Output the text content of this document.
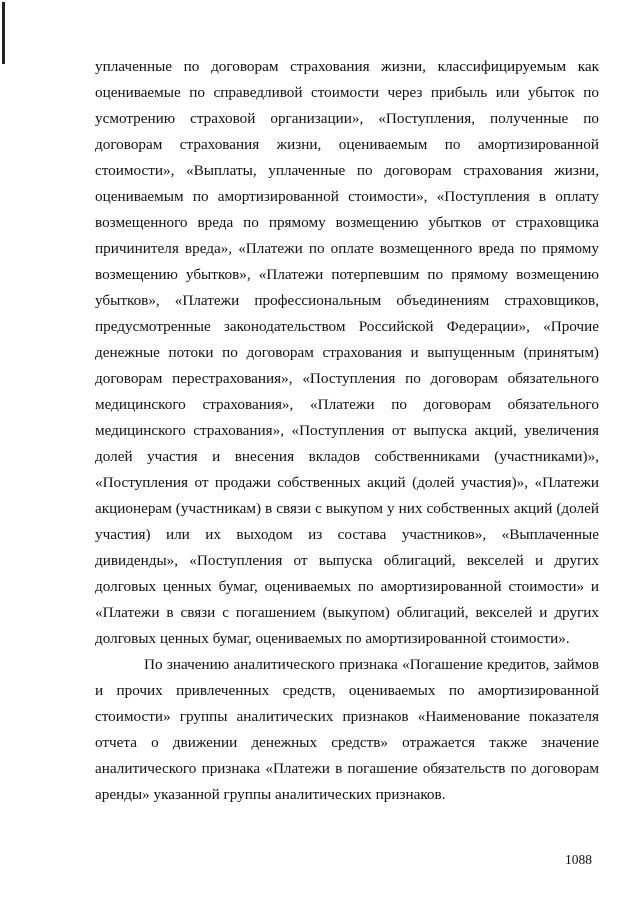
уплаченные по договорам страхования жизни, классифицируемым как оцениваемые по справедливой стоимости через прибыль или убыток по усмотрению страховой организации», «Поступления, полученные по договорам страхования жизни, оцениваемым по амортизированной стоимости», «Выплаты, уплаченные по договорам страхования жизни, оцениваемым по амортизированной стоимости», «Поступления в оплату возмещенного вреда по прямому возмещению убытков от страховщика причинителя вреда», «Платежи по оплате возмещенного вреда по прямому возмещению убытков», «Платежи потерпевшим по прямому возмещению убытков», «Платежи профессиональным объединениям страховщиков, предусмотренные законодательством Российской Федерации», «Прочие денежные потоки по договорам страхования и выпущенным (принятым) договорам перестрахования», «Поступления по договорам обязательного медицинского страхования», «Платежи по договорам обязательного медицинского страхования», «Поступления от выпуска акций, увеличения долей участия и внесения вкладов собственниками (участниками)», «Поступления от продажи собственных акций (долей участия)», «Платежи акционерам (участникам) в связи с выкупом у них собственных акций (долей участия) или их выходом из состава участников», «Выплаченные дивиденды», «Поступления от выпуска облигаций, векселей и других долговых ценных бумаг, оцениваемых по амортизированной стоимости» и «Платежи в связи с погашением (выкупом) облигаций, векселей и других долговых ценных бумаг, оцениваемых по амортизированной стоимости».

По значению аналитического признака «Погашение кредитов, займов и прочих привлеченных средств, оцениваемых по амортизированной стоимости» группы аналитических признаков «Наименование показателя отчета о движении денежных средств» отражается также значение аналитического признака «Платежи в погашение обязательств по договорам аренды» указанной группы аналитических признаков.

1088
